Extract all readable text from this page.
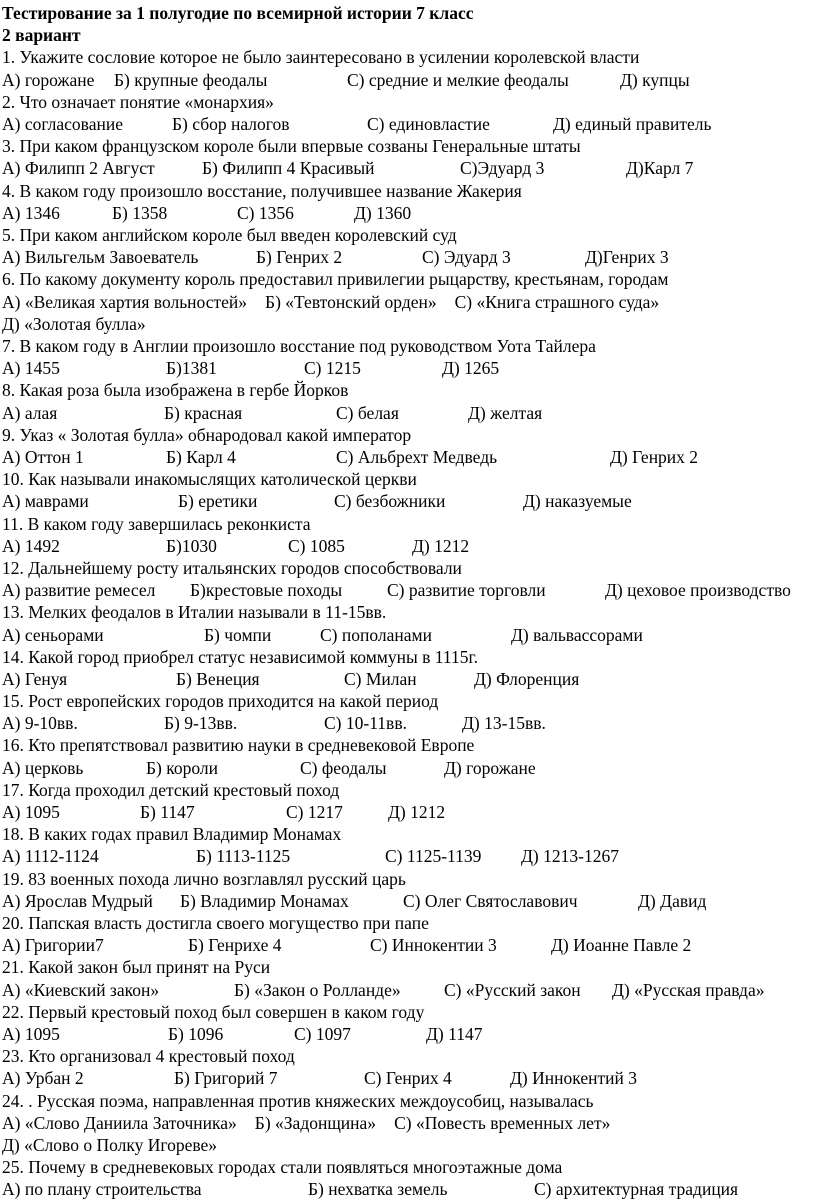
Тестирование за 1 полугодие по всемирной истории 7 класс
2 вариант
1. Укажите сословие которое не было заинтересовано в усилении королевской власти
А) горожане Б) крупные феодалы	С) средние и мелкие феодалы	Д) купцы
2. Что означает понятие «монархия»
А) согласование	Б) сбор налогов	С) единовластие	Д) единый правитель
3. При каком французском короле были впервые созваны Генеральные штаты
А) Филипп 2 Август	Б) Филипп 4 Красивый	С)Эдуард 3	Д)Карл 7
4. В каком году произошло восстание, получившее название Жакерия
А) 1346	Б) 1358	С) 1356	Д) 1360
5. При каком английском короле был введен королевский суд
А) Вильгельм Завоеватель	Б) Генрих 2	С) Эдуард 3	Д)Генрих 3
6. По какому документу король предоставил привилегии рыцарству, крестьянам, городам
А) «Великая хартия вольностей» Б) «Тевтонский орден» С) «Книга страшного суда»
Д) «Золотая булла»
7. В каком году в Англии произошло восстание под руководством Уота Тайлера
А) 1455	Б)1381	С) 1215	Д) 1265
8. Какая роза была изображена в гербе Йорков
А) алая	Б) красная	С) белая	Д) желтая
9. Указ « Золотая булла» обнародовал какой император
А) Оттон 1	Б) Карл 4	С) Альбрехт Медведь	Д) Генрих 2
10. Как называли инакомыслящих католической церкви
А) маврами	Б) еретики	С) безбожники	Д) наказуемые
11. В каком году завершилась реконкиста
А) 1492	Б)1030	С) 1085	Д) 1212
12. Дальнейшему росту итальянских городов способствовали
А) развитие ремесел Б)крестовые походы	С) развитие торговли	Д) цеховое производство
13. Мелких феодалов в Италии называли в 11-15вв.
А) сеньорами	Б) чомпи	С) пополанами	Д) вальвассорами
14. Какой город приобрел статус независимой коммуны в 1115г.
А) Генуя	Б) Венеция	С) Милан	Д) Флоренция
15. Рост европейских городов приходится на какой период
А) 9-10вв.	Б) 9-13вв.	С) 10-11вв.	Д) 13-15вв.
16. Кто препятствовал развитию науки в средневековой Европе
А) церковь	Б) короли	С) феодалы	Д) горожане
17. Когда проходил детский крестовый поход
А) 1095	Б) 1147	С) 1217	Д) 1212
18. В каких годах правил Владимир Монамах
А) 1112-1124	Б) 1113-1125	С) 1125-1139 Д) 1213-1267
19. 83 военных похода лично возглавлял русский царь
А) Ярослав Мудрый Б) Владимир Монамах	С) Олег Святославович	Д) Давид
20. Папская власть достигла своего могущество при папе
А) Григории7	Б) Генрихе 4	С) Иннокентии 3	Д) Иоанне Павле 2
21. Какой закон был принят на Руси
А) «Киевский закон»	Б) «Закон о Ролланде» С) «Русский закон Д) «Русская правда»
22. Первый крестовый поход был совершен в каком году
А) 1095	Б) 1096	С) 1097	Д) 1147
23. Кто организовал 4 крестовый поход
А) Урбан 2	Б) Григорий 7	С) Генрих 4	Д) Иннокентий 3
24. . Русская поэма, направленная против княжеских междоусобиц, называлась
А) «Слово Даниила Заточника» Б) «Задонщина» С) «Повесть временных лет»
Д) «Слово о Полку Игореве»
25. Почему в средневековых городах стали появляться многоэтажные дома
А) по плану строительства	Б) нехватка земель	С) архитектурная традиция
